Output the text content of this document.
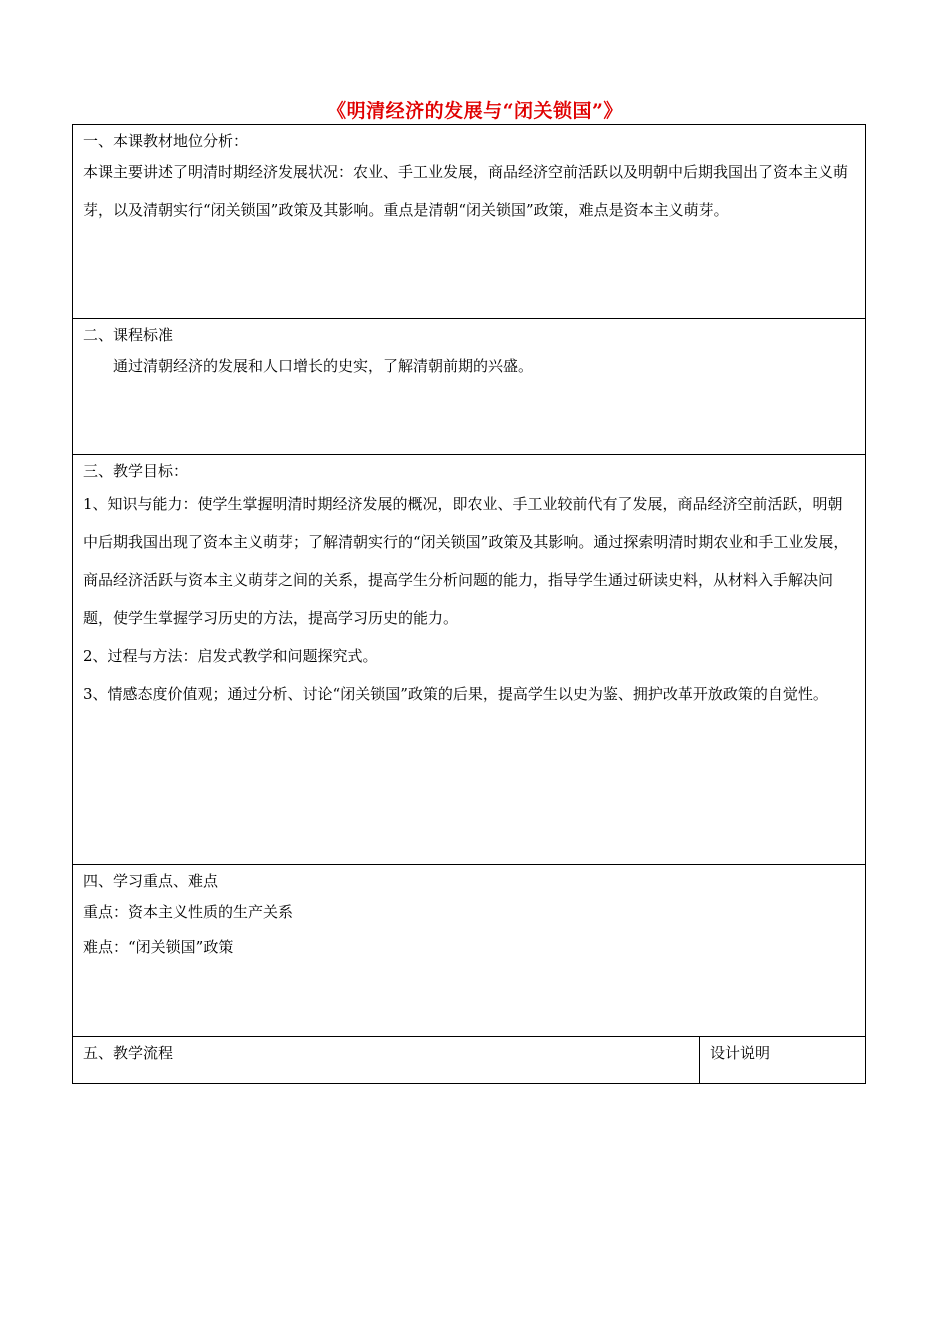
《明清经济的发展与“闭关锁国”》
一、本课教材地位分析：

本课主要讲述了明清时期经济发展状况：农业、手工业发展，商品经济空前活跃以及明朝中后期我国出了资本主义萌芽，以及清朝实行“闭关锁国”政策及其影响。重点是清朝“闭关锁国”政策，难点是资本主义萌芽。

二、课程标准

通过清朝经济的发展和人口增长的史实，了解清朝前期的兴盛。

三、教学目标：

1、知识与能力：使学生掌握明清时期经济发展的概况，即农业、手工业较前代有了发展，商品经济空前活跃，明朝中后期我国出现了资本主义萌芽；了解清朝实行的“闭关锁国”政策及其影响。通过探索明清时期农业和手工业发展，商品经济活跃与资本主义萌芽之间的关系，提高学生分析问题的能力，指导学生通过研读史料，从材料入手解决问题，使学生掌握学习历史的方法，提高学习历史的能力。

2、过程与方法：启发式教学和问题探究式。

3、情感态度价值观；通过分析、讨论“闭关锁国”政策的后果，提高学生以史为鉴、拥护改革开放政策的自觉性。

四、学习重点、难点

重点：资本主义性质的生产关系

难点：“闭关锁国”政策

五、教学流程	设计说明
